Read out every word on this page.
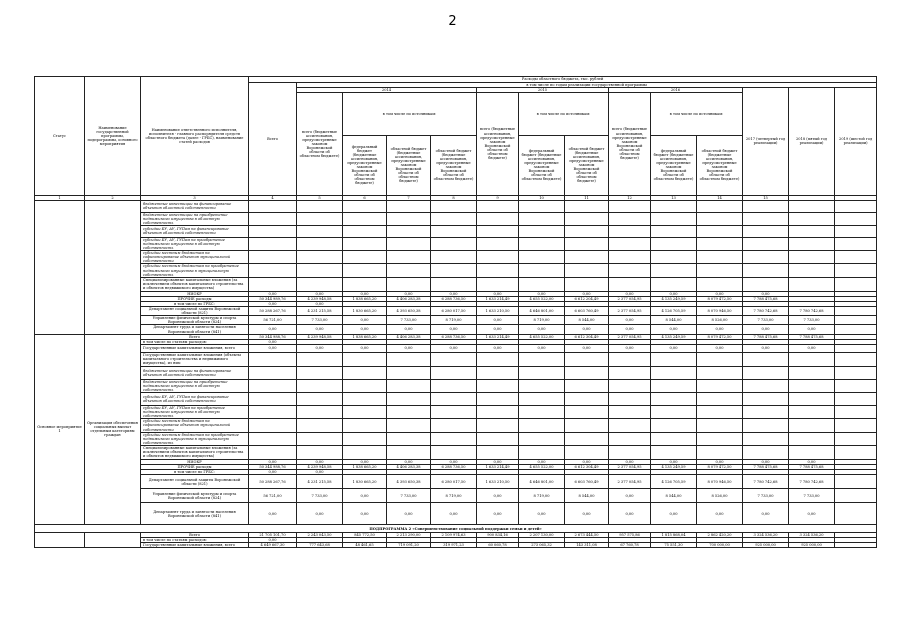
2
Статус	Наименование государственной программы, подпрограммы, основного мероприятия	Наименование ответственного исполнителя, исполнителя - главного распорядителя средств областного бюджета (далее - ГРБС), наименование статей расходов	Расходы областного бюджета, тыс. рублей														
			Всего	в том числе по годам реализации государственной программы													
				2014				2015			2016			2017 (четвертый год реализации)	2018 (пятый год реализации)	2019 (шестой год реализации)	
				всего (бюджетные ассигнования, предусмотренные законом Воронежской области об областном бюджете)	в том числе по источникам:			всего (бюджетные ассигнования, предусмотренные законом Воронежской области об областном бюджете)	в том числе по источникам:		всего (бюджетные ассигнования, предусмотренные законом Воронежской области об областном бюджете)	в том числе по источникам:					
					федеральный бюджет (бюджетные ассигнования, предусмотренные законом Воронежской области об областном бюджете)	областной бюджет (бюджетные ассигнования, предусмотренные законом Воронежской области об областном бюджете)	областной бюджет (бюджетные ассигнования, предусмотренные законом Воронежской области об областном бюджете)		федеральный бюджет (бюджетные ассигнования, предусмотренные законом Воронежской области об областном бюджете)	областной бюджет (бюджетные ассигнования, предусмотренные законом Воронежской области об областном бюджете)		федеральный бюджет (бюджетные ассигнования, предусмотренные законом Воронежской области об областном бюджете)	областной бюджет (бюджетные ассигнования, предусмотренные законом Воронежской области об областном бюджете)				
1	2	3	4	5	6	7	8	9	10	11	12	13	14	15			
		бюджетные инвестиции на финансирование объектов областной собственности															
		бюджетные инвестиции на приобретение недвижимого имущества в областную собственность															
		субсидии БУ, АУ, ГУПам на финансирование объектов областной собственности															
		субсидии БУ, АУ, ГУПам на приобретение недвижимого имущества в областную собственность															
		субсидии местным бюджетам на софинансирование объектов муниципальной собственности															
		субсидии местным бюджетам на приобретение недвижимого имущества в муниципальную собственность															
		Специализированные капитальные вложения (за исключением объектов капитального строительства и объектов недвижимого имущества)															
		НИОКР	0,00	0,00	0,00	0,00	0,00	0,00	0,00	0,00	0,00	0,00	0,00	0,00			
		ПРОЧИЕ расходы	50 344 989,76	4 239 948,58	1 838 665,20	4 406 283,38	6 288 736,50	1 633 214,49	4 655 522,00	6 612 204,49	2 377 054,95	4 135 249,59	8 079 472,50	7 788 475,68			
		в том числе по ГРБС:	0,00	0,00													
		Департамент социальной защиты Воронежской области (821)	50 288 267,76	4 231 215,58	1 830 665,20	4 393 650,38	6 280 017,50	1 633 210,50	4 646 801,00	6 603 760,49	2 377 054,95	4 126 705,59	8 070 946,50	7 780 742,68	7 780 742,68		
		Управление физической культуры и спорта Воронежской области (824)	56 721,00	7 733,00	0,00	7 733,00	8 719,00	0,00	8 719,00	8 544,00	0,00	8 544,00	8 526,00	7 733,00	7 733,00		
		Департамент труда и занятости населения Воронежской области (841)	0,00	0,00	0,00	0,00	0,00	0,00	0,00	0,00	0,00	0,00	0,00	0,00	0,00		
Основное мероприятие 1	Организация обеспечения социальных выплат отдельным категориям граждан	Всего	50 344 988,76	4 239 948,58	1 838 665,20	4 406 283,38	6 288 736,50	1 633 214,49	4 655 522,00	6 612 304,49	2 377 054,95	4 135 249,59	8 079 472,50	7 788 475,68	7 788 475,68		
		в том числе по статьям расходов:	0,00														
		Государственные капитальные вложения, всего	0,00	0,00	0,00	0,00	0,00	0,00	0,00	0,00	0,00	0,00	0,00	0,00	0,00		
		Государственные капитальные вложения (объекты капитального строительства и недвижимого имущества), из них:															
		бюджетные инвестиции на финансирование объектов областной собственности															
		бюджетные инвестиции на приобретение недвижимого имущества в областную собственность															
		субсидии БУ, АУ, ГУПам на финансирование объектов областной собственности															
		субсидии БУ, АУ, ГУПам на приобретение недвижимого имущества в областную собственность															
		субсидии местным бюджетам на софинансирование объектов муниципальной собственности															
		субсидии местным бюджетам на приобретение недвижимого имущества в муниципальную собственность															
		Специализированные капитальные вложения (за исключением объектов капитального строительства и объектов недвижимого имущества)															
		НИОКР	0,00	0,00	0,00	0,00	0,00	0,00	0,00	0,00	0,00	0,00	0,00	0,00	0,00		
		ПРОЧИЕ расходы	50 344 988,76	4 239 948,58	1 838 665,20	4 406 283,38	6 288 736,50	1 633 214,49	4 655 522,00	6 612 304,49	2 377 054,95	4 135 249,59	8 079 472,50	7 788 475,68	7 788 475,68		
		в том числе по ГРБС:	0,00	0,00													
		Департамент социальной защиты Воронежской области (821)	50 288 267,76	4 231 215,58	1 830 665,20	4 393 650,38	6 280 017,50	1 633 210,50	4 646 801,00	6 603 760,49	2 377 054,95	4 126 705,59	8 070 946,50	7 780 742,68	7 780 742,68		
		Управление физической культуры и спорта Воронежской области (824)	56 721,00	7 733,00	0,00	7 733,00	8 719,00	0,00	8 719,00	8 544,00	0,00	8 544,00	8 526,00	7 733,00	7 733,00		
		Департамент труда и занятости населения Воронежской области (841)	0,00	0,00	0,00	0,00	0,00	0,00	0,00	0,00	0,00	0,00	0,00	0,00	0,00		
ПОДПРОГРАММА 2 «Совершенствование социальной поддержки семьи и детей»																	
		Всего	21 705 101,70	2 243 043,50	845 772,50	2 213 290,00	2 109 974,63	900 834,16	2 207 130,00	2 673 444,50	957 575,86	1 815 868,04	2 862 420,20	3 324 536,20	3 324 536,20		
		в том числе по статьям расходов:	0,00														
		Государственные капитальные вложения, всего	4 649 667,30	777 643,68	48 461,65	719 091,20	319 971,23	60 060,78	273 065,32	143 311,08	67 760,78	75 551,30	700 000,00	925 000,00	925 000,00		
